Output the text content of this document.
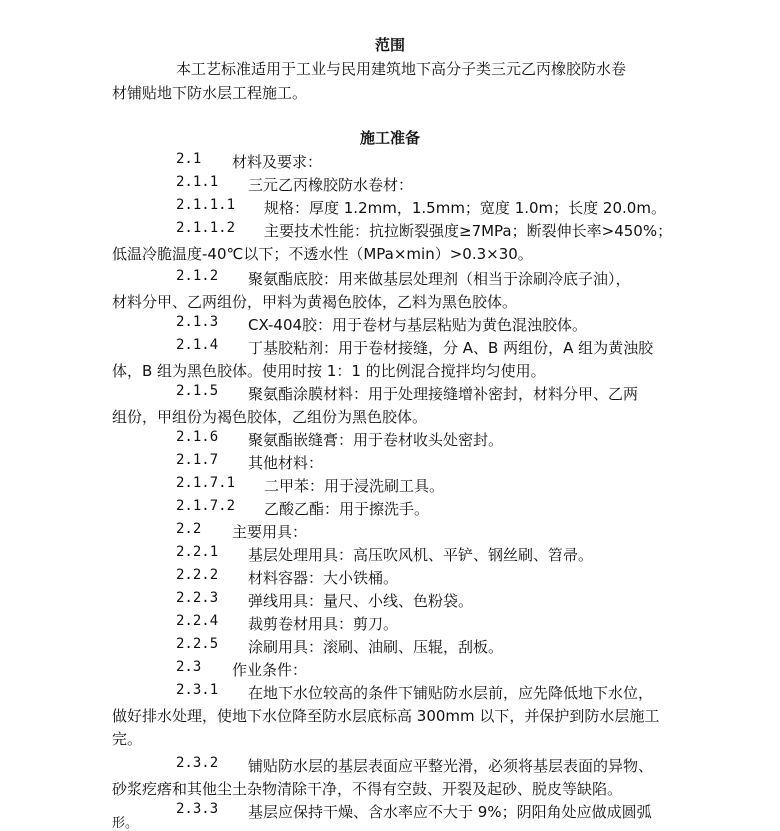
范围
本工艺标准适用于工业与民用建筑地下高分子类三元乙丙橡胶防水卷
材铺贴地下防水层工程施工。
施工准备
2.1 材料及要求：
2.1.1 三元乙丙橡胶防水卷材：
2.1.1.1 规格：厚度 1.2mm，1.5mm；宽度 1.0m；长度 20.0m。
2.1.1.2 主要技术性能：抗拉断裂强度≥7MPa；断裂伸长率>450%；
低温冷脆温度-40℃以下；不透水性（MPa×min）>0.3×30。
2.1.2 聚氨酯底胶：用来做基层处理剂（相当于涂刷冷底子油），
材料分甲、乙两组份，甲料为黄褐色胶体，乙料为黑色胶体。
2.1.3 CX-404胶：用于卷材与基层粘贴为黄色混浊胶体。
2.1.4 丁基胶粘剂：用于卷材接缝，分 A、B 两组份，A 组为黄浊胶
体，B 组为黑色胶体。使用时按 1：1 的比例混合搅拌均匀使用。
2.1.5 聚氨酯涂膜材料：用于处理接缝增补密封，材料分甲、乙两
组份，甲组份为褐色胶体，乙组份为黑色胶体。
2.1.6 聚氨酯嵌缝膏：用于卷材收头处密封。
2.1.7 其他材料：
2.1.7.1 二甲苯：用于浸洗刷工具。
2.1.7.2 乙酸乙酯：用于擦洗手。
2.2 主要用具：
2.2.1 基层处理用具：高压吹风机、平铲、钢丝刷、笤帚。
2.2.2 材料容器：大小铁桶。
2.2.3 弹线用具：量尺、小线、色粉袋。
2.2.4 裁剪卷材用具：剪刀。
2.2.5 涂刷用具：滚刷、油刷、压辊，刮板。
2.3 作业条件：
2.3.1 在地下水位较高的条件下铺贴防水层前，应先降低地下水位，
做好排水处理，使地下水位降至防水层底标高 300mm 以下，并保护到防水层施工
完。
2.3.2 铺贴防水层的基层表面应平整光滑，必须将基层表面的异物、
砂浆疙瘩和其他尘土杂物清除干净，不得有空鼓、开裂及起砂、脱皮等缺陷。
2.3.3 基层应保持干燥、含水率应不大于 9%；阴阳角处应做成圆弧
形。
